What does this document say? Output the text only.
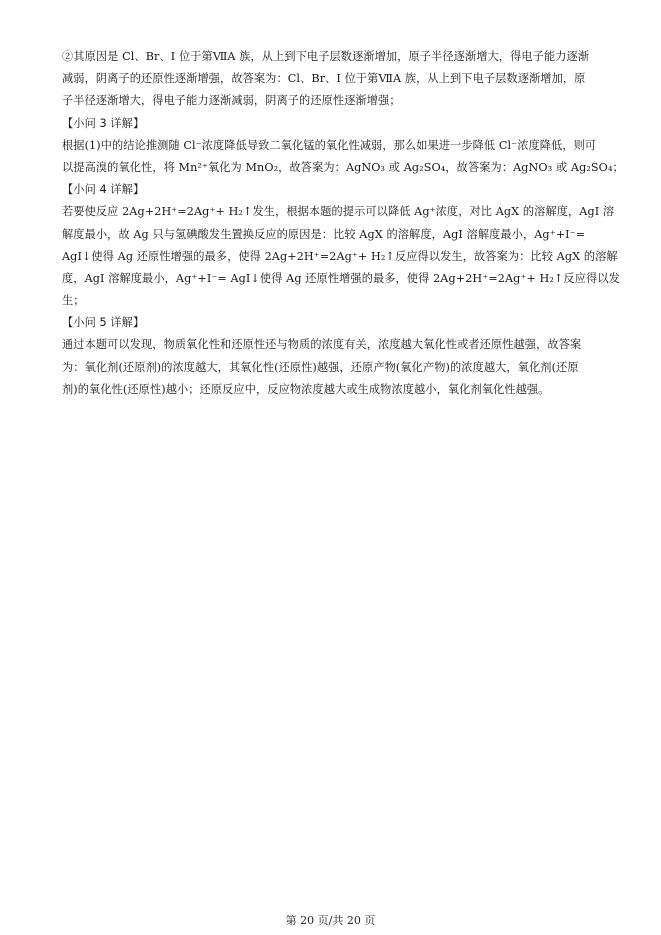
②其原因是 Cl、Br、I 位于第ⅦA 族，从上到下电子层数逐渐增加，原子半径逐渐增大，得电子能力逐渐
减弱，阴离子的还原性逐渐增强，故答案为：Cl、Br、I 位于第ⅦA 族，从上到下电子层数逐渐增加，原
子半径逐渐增大，得电子能力逐渐减弱，阴离子的还原性逐渐增强；
【小问 3 详解】
根据(1)中的结论推测随 Cl⁻浓度降低导致二氧化锰的氧化性减弱，那么如果进一步降低 Cl⁻浓度降低，则可
以提高溴的氧化性，将 Mn²⁺氧化为 MnO₂，故答案为：AgNO₃ 或 Ag₂SO₄，故答案为：AgNO₃ 或 Ag₂SO₄；
【小问 4 详解】
若要使反应 2Ag+2H⁺=2Ag⁺+ H₂↑发生，根据本题的提示可以降低 Ag⁺浓度，对比 AgX 的溶解度，AgI 溶
解度最小，故 Ag 只与氢碘酸发生置换反应的原因是：比较 AgX 的溶解度，AgI 溶解度最小，Ag⁺+I⁻=
AgI↓使得 Ag 还原性增强的最多，使得 2Ag+2H⁺=2Ag⁺+ H₂↑反应得以发生，故答案为：比较 AgX 的溶解
度，AgI 溶解度最小，Ag⁺+I⁻= AgI↓使得 Ag 还原性增强的最多，使得 2Ag+2H⁺=2Ag⁺+ H₂↑反应得以发
生；
【小问 5 详解】
通过本题可以发现，物质氧化性和还原性还与物质的浓度有关，浓度越大氧化性或者还原性越强，故答案
为：氧化剂(还原剂)的浓度越大，其氧化性(还原性)越强，还原产物(氧化产物)的浓度越大，氧化剂(还原
剂)的氧化性(还原性)越小；还原反应中，反应物浓度越大或生成物浓度越小，氧化剂氧化性越强。
第 20 页/共 20 页
